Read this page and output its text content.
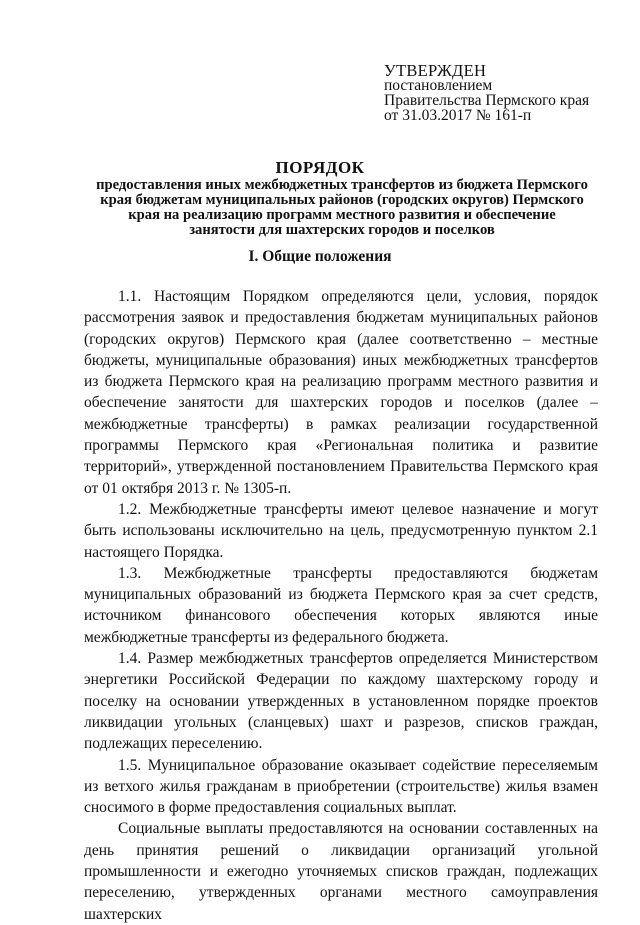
УТВЕРЖДЕН
постановлением
Правительства Пермского края
от 31.03.2017 № 161-п
ПОРЯДОК
предоставления иных межбюджетных трансфертов из бюджета Пермского края бюджетам муниципальных районов (городских округов) Пермского края на реализацию программ местного развития и обеспечение занятости для шахтерских городов и поселков
I. Общие положения

1.1. Настоящим Порядком определяются цели, условия, порядок рассмотрения заявок и предоставления бюджетам муниципальных районов (городских округов) Пермского края (далее соответственно – местные бюджеты, муниципальные образования) иных межбюджетных трансфертов из бюджета Пермского края на реализацию программ местного развития и обеспечение занятости для шахтерских городов и поселков (далее – межбюджетные трансферты) в рамках реализации государственной программы Пермского края «Региональная политика и развитие территорий», утвержденной постановлением Правительства Пермского края от 01 октября 2013 г. № 1305-п.

1.2. Межбюджетные трансферты имеют целевое назначение и могут быть использованы исключительно на цель, предусмотренную пунктом 2.1 настоящего Порядка.

1.3. Межбюджетные трансферты предоставляются бюджетам муниципальных образований из бюджета Пермского края за счет средств, источником финансового обеспечения которых являются иные межбюджетные трансферты из федерального бюджета.

1.4. Размер межбюджетных трансфертов определяется Министерством энергетики Российской Федерации по каждому шахтерскому городу и поселку на основании утвержденных в установленном порядке проектов ликвидации угольных (сланцевых) шахт и разрезов, списков граждан, подлежащих переселению.

1.5. Муниципальное образование оказывает содействие переселяемым из ветхого жилья гражданам в приобретении (строительстве) жилья взамен сносимого в форме предоставления социальных выплат.

Социальные выплаты предоставляются на основании составленных на день принятия решений о ликвидации организаций угольной промышленности и ежегодно уточняемых списков граждан, подлежащих переселению, утвержденных органами местного самоуправления шахтерских
